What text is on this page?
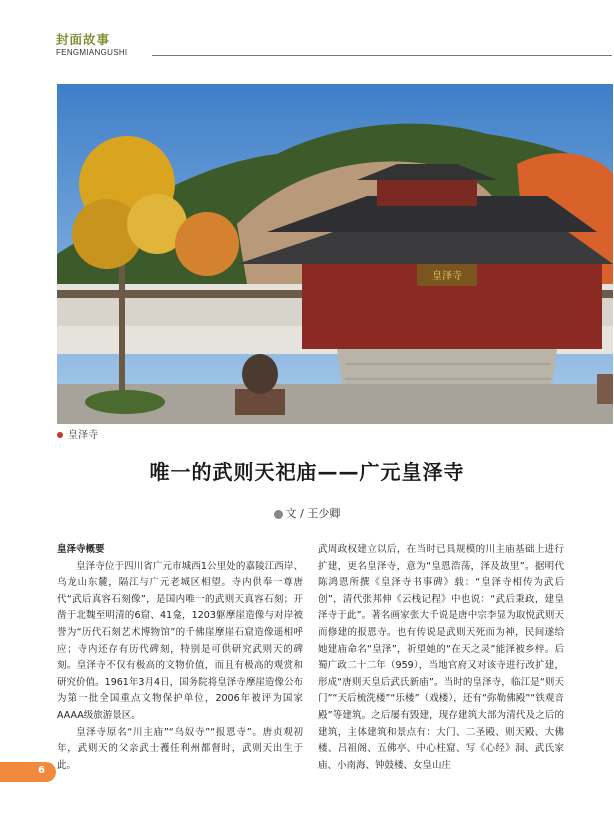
封面故事
FENGMIANGUSHI
皇泽寺
皇泽寺
唯一的武则天祀庙——广元皇泽寺
文 / 王少卿

皇泽寺概要

皇泽寺位于四川省广元市城西1公里处的嘉陵江西岸、乌龙山东麓，隔江与广元老城区相望。寺内供奉一尊唐代“武后真容石刻像”，是国内唯一的武则天真容石刻；开凿于北魏至明清的6窟、41龛，1203躯摩崖造像与对岸被誉为“历代石刻艺术博物馆”的千佛崖摩崖石窟造像遥相呼应；寺内还存有历代碑刻，特别是可供研究武则天的碑刻。皇泽寺不仅有极高的文物价值，而且有极高的观赏和研究价值。1961年3月4日，国务院将皇泽寺摩崖造像公布为第一批全国重点文物保护单位，2006年被评为国家AAAA级旅游景区。

皇泽寺原名“川主庙”“乌奴寺”“报恩寺”。唐贞观初年，武则天的父亲武士彟任利州都督时，武则天出生于此。

武周政权建立以后，在当时已具规模的川主庙基础上进行扩建，更名皇泽寺，意为“皇恩浩荡，泽及故里”。据明代陈鸿恩所撰《皇泽寺书事碑》载：“皇泽寺相传为武后创”，清代张邦伸《云栈记程》中也说：“武后秉政，建皇泽寺于此”。著名画家张大千说是唐中宗李显为取悦武则天而修建的报恩寺。也有传说是武则天死而为神，民间遂给她建庙命名“皇泽”，祈望她的“在天之灵”能泽被乡梓。后蜀广政二十二年（959），当地官府又对该寺进行改扩建，形成“唐则天皇后武氏新庙”。当时的皇泽寺，临江是“则天门”“天后梳洗楼”“乐楼”（戏楼），还有“弥勒佛殿”“铁观音殿”等建筑。之后屡有毁建，现存建筑大部为清代及之后的建筑，主体建筑和景点有：大门、二圣殿、则天殿、大佛楼、吕祖阁、五佛亭、中心柱窟、写《心经》洞、武氏家庙、小南海、钟鼓楼、女皇山庄

6
